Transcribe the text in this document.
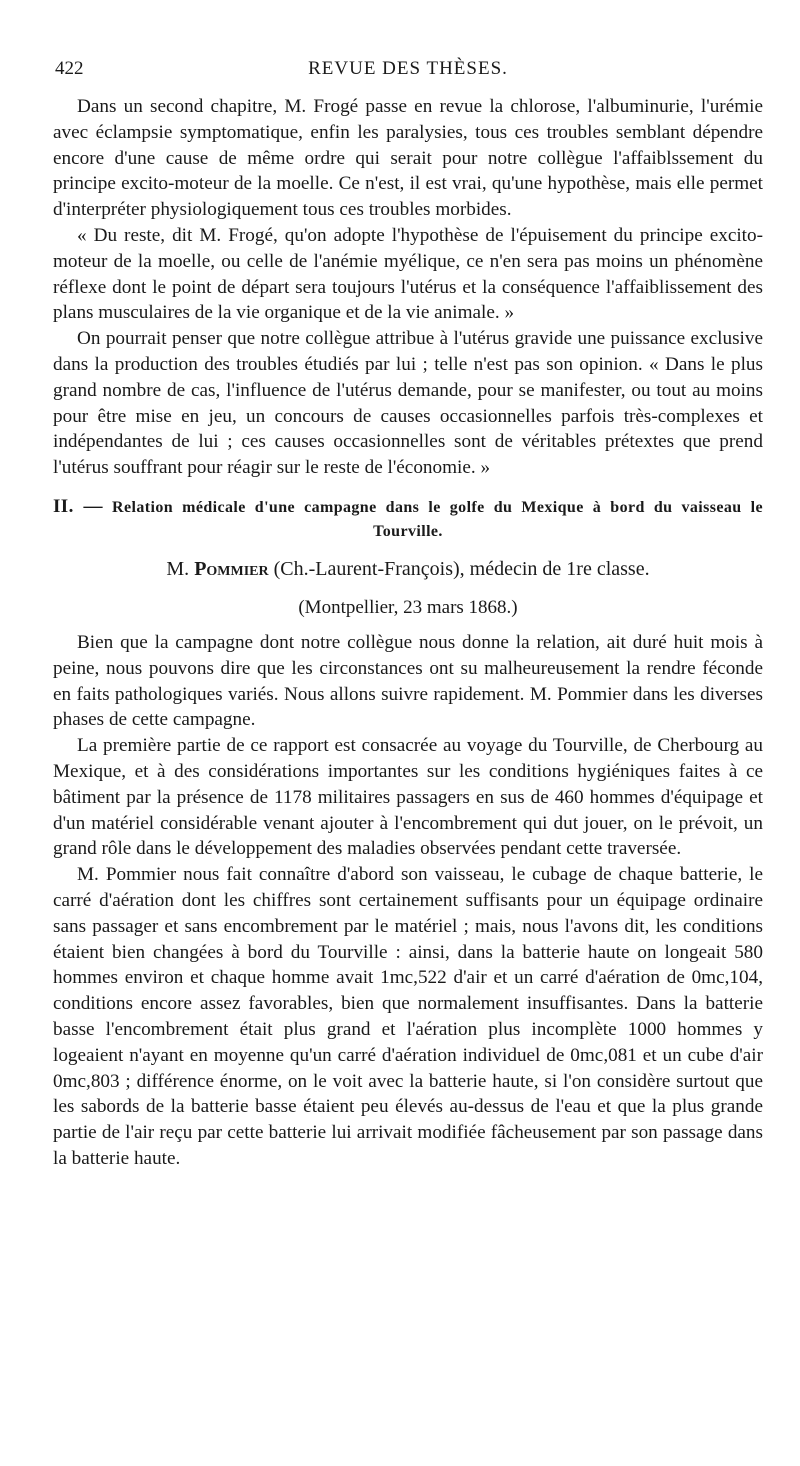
422	REVUE DES THÈSES.

Dans un second chapitre, M. Frogé passe en revue la chlorose, l'albuminurie, l'urémie avec éclampsie symptomatique, enfin les paralysies, tous ces troubles semblant dépendre encore d'une cause de même ordre qui serait pour notre collègue l'affaiblssement du principe excito-moteur de la moelle. Ce n'est, il est vrai, qu'une hypothèse, mais elle permet d'interpréter physiologiquement tous ces troubles morbides.

« Du reste, dit M. Frogé, qu'on adopte l'hypothèse de l'épuisement du principe excito-moteur de la moelle, ou celle de l'anémie myélique, ce n'en sera pas moins un phénomène réflexe dont le point de départ sera toujours l'utérus et la conséquence l'affaiblissement des plans musculaires de la vie organique et de la vie animale. »

On pourrait penser que notre collègue attribue à l'utérus gravide une puissance exclusive dans la production des troubles étudiés par lui ; telle n'est pas son opinion. « Dans le plus grand nombre de cas, l'influence de l'utérus demande, pour se manifester, ou tout au moins pour être mise en jeu, un concours de causes occasionnelles parfois très-complexes et indépendantes de lui ; ces causes occasionnelles sont de véritables prétextes que prend l'utérus souffrant pour réagir sur le reste de l'économie. »

II. — Relation médicale d'une campagne dans le golfe du Mexique à bord du vaisseau le Tourville.
M. Pommier (Ch.-Laurent-François), médecin de 1re classe.
(Montpellier, 23 mars 1868.)

Bien que la campagne dont notre collègue nous donne la relation, ait duré huit mois à peine, nous pouvons dire que les circonstances ont su malheureusement la rendre féconde en faits pathologiques variés. Nous allons suivre rapidement. M. Pommier dans les diverses phases de cette campagne.

La première partie de ce rapport est consacrée au voyage du Tourville, de Cherbourg au Mexique, et à des considérations importantes sur les conditions hygiéniques faites à ce bâtiment par la présence de 1178 militaires passagers en sus de 460 hommes d'équipage et d'un matériel considérable venant ajouter à l'encombrement qui dut jouer, on le prévoit, un grand rôle dans le développement des maladies observées pendant cette traversée.

M. Pommier nous fait connaître d'abord son vaisseau, le cubage de chaque batterie, le carré d'aération dont les chiffres sont certainement suffisants pour un équipage ordinaire sans passager et sans encombrement par le matériel ; mais, nous l'avons dit, les conditions étaient bien changées à bord du Tourville : ainsi, dans la batterie haute on longeait 580 hommes environ et chaque homme avait 1mc,522 d'air et un carré d'aération de 0mc,104, conditions encore assez favorables, bien que normalement insuffisantes. Dans la batterie basse l'encombrement était plus grand et l'aération plus incomplète 1000 hommes y logeaient n'ayant en moyenne qu'un carré d'aération individuel de 0mc,081 et un cube d'air 0mc,803 ; différence énorme, on le voit avec la batterie haute, si l'on considère surtout que les sabords de la batterie basse étaient peu élevés au-dessus de l'eau et que la plus grande partie de l'air reçu par cette batterie lui arrivait modifiée fâcheusement par son passage dans la batterie haute.
